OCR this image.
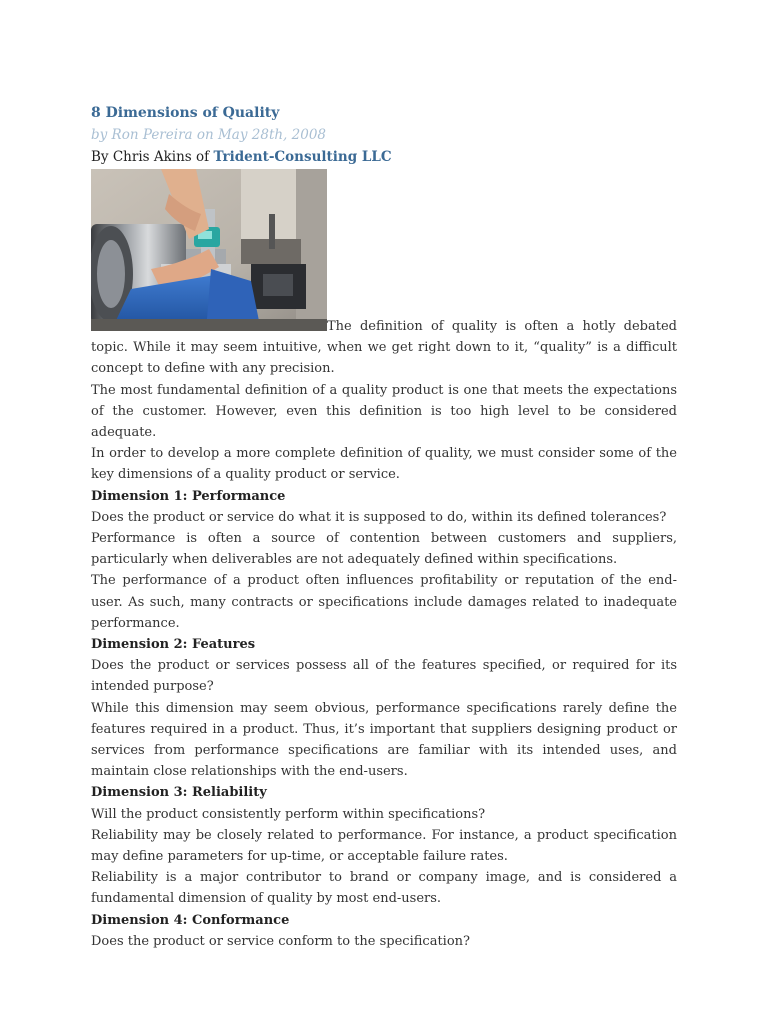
8 Dimensions of Quality

by Ron Pereira on May 28th, 2008

By Chris Akins of Trident-Consulting LLC

The definition of quality is often a hotly debated topic. While it may seem intuitive, when we get right down to it, “quality” is a difficult concept to define with any precision.

The most fundamental definition of a quality product is one that meets the expectations of the customer. However, even this definition is too high level to be considered adequate.

In order to develop a more complete definition of quality, we must consider some of the key dimensions of a quality product or service.

Dimension 1: Performance

Does the product or service do what it is supposed to do, within its defined tolerances?

Performance is often a source of contention between customers and suppliers, particularly when deliverables are not adequately defined within specifications.

The performance of a product often influences profitability or reputation of the end-user. As such, many contracts or specifications include damages related to inadequate performance.

Dimension 2: Features

Does the product or services possess all of the features specified, or required for its intended purpose?

While this dimension may seem obvious, performance specifications rarely define the features required in a product. Thus, it’s important that suppliers designing product or services from performance specifications are familiar with its intended uses, and maintain close relationships with the end-users.

Dimension 3: Reliability

Will the product consistently perform within specifications?

Reliability may be closely related to performance. For instance, a product specification may define parameters for up-time, or acceptable failure rates.

Reliability is a major contributor to brand or company image, and is considered a fundamental dimension of quality by most end-users.

Dimension 4: Conformance

Does the product or service conform to the specification?
